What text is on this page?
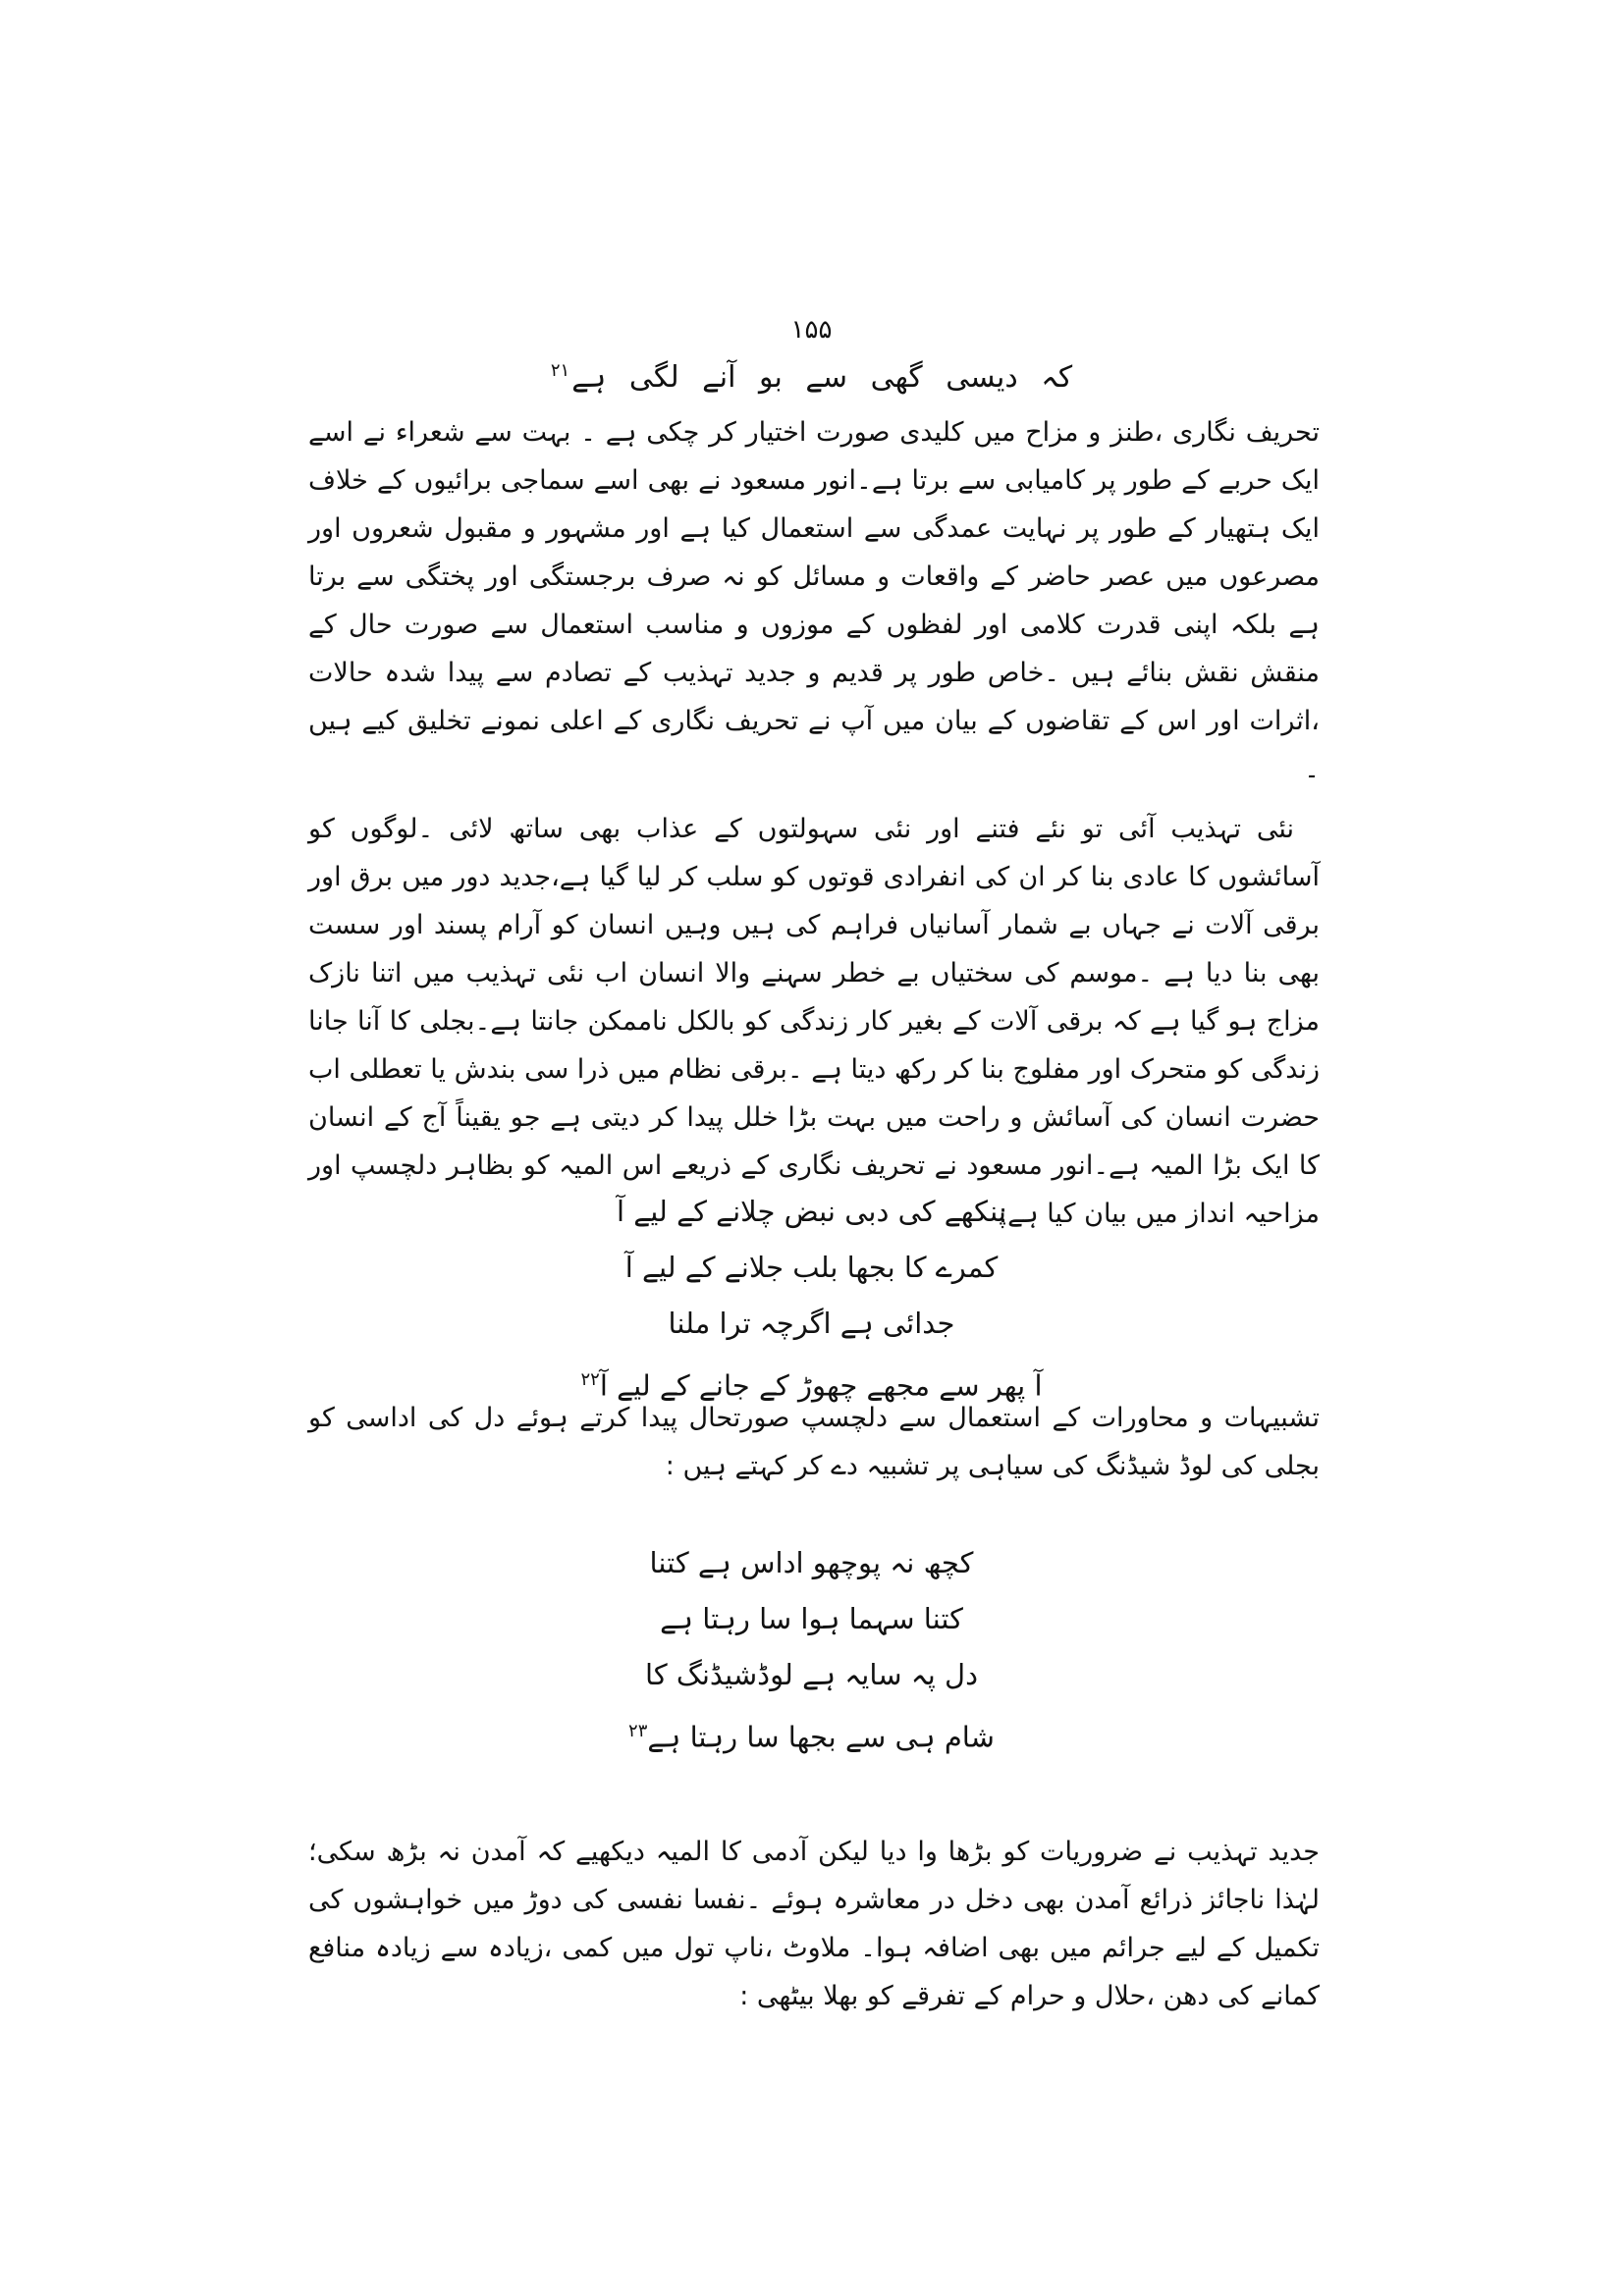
۱۵۵
کہ دیسی گھی سے بو آنے لگی ہے$^{۲۱}$

تحریف نگاری ،طنز و مزاح میں کلیدی صورت اختیار کر چکی ہے ۔ بہت سے شعراء نے اسے ایک حربے کے طور پر کامیابی سے برتا ہے۔انور مسعود نے بھی اسے سماجی برائیوں کے خلاف ایک ہتھیار کے طور پر نہایت عمدگی سے استعمال کیا ہے اور مشہور و مقبول شعروں اور مصرعوں میں عصر حاضر کے واقعات و مسائل کو نہ صرف برجستگی اور پختگی سے برتا ہے بلکہ اپنی قدرت کلامی اور لفظوں کے موزوں و مناسب استعمال سے صورت حال کے منقش نقش بنائے ہیں ۔خاص طور پر قدیم و جدید تہذیب کے تصادم سے پیدا شدہ حالات ،اثرات اور اس کے تقاضوں کے بیان میں آپ نے تحریف نگاری کے اعلی نمونے تخلیق کیے ہیں ۔

نئی تہذیب آئی تو نئے فتنے اور نئی سہولتوں کے عذاب بھی ساتھ لائی ۔لوگوں کو آسائشوں کا عادی بنا کر ان کی انفرادی قوتوں کو سلب کر لیا گیا ہے،جدید دور میں برق اور برقی آلات نے جہاں بے شمار آسانیاں فراہم کی ہیں وہیں انسان کو آرام پسند اور سست بھی بنا دیا ہے ۔موسم کی سختیاں بے خطر سہنے والا انسان اب نئی تہذیب میں اتنا نازک مزاج ہو گیا ہے کہ برقی آلات کے بغیر کار زندگی کو بالکل ناممکن جانتا ہے۔بجلی کا آنا جانا زندگی کو متحرک اور مفلوج بنا کر رکھ دیتا ہے ۔برقی نظام میں ذرا سی بندش یا تعطلی اب حضرت انسان کی آسائش و راحت میں بہت بڑا خلل پیدا کر دیتی ہے جو یقیناً آج کے انسان کا ایک بڑا المیہ ہے۔انور مسعود نے تحریف نگاری کے ذریعے اس المیہ کو بظاہر دلچسپ اور مزاحیہ انداز میں بیان کیا ہے:

پنکھے کی دبی نبض چلانے کے لیے آ
کمرے کا بجھا بلب جلانے کے لیے آ
جدائی ہے اگرچہ ترا ملنا
آ پھر سے مجھے چھوڑ کے جانے کے لیے آ$^{۲۲}$

تشبیہات و محاورات کے استعمال سے دلچسپ صورتحال پیدا کرتے ہوئے دل کی اداسی کو بجلی کی لوڈ شیڈنگ کی سیاہی پر تشبیہ دے کر کہتے ہیں :

کچھ نہ پوچھو اداس ہے کتنا
کتنا سہما ہوا سا رہتا ہے
دل پہ سایہ ہے لوڈشیڈنگ کا
شام ہی سے بجھا سا رہتا ہے$^{۲۳}$

جدید تہذیب نے ضروریات کو بڑھا وا دیا لیکن آدمی کا المیہ دیکھیے کہ آمدن نہ بڑھ سکی؛لہٰذا ناجائز ذرائع آمدن بھی دخل در معاشرہ ہوئے ۔نفسا نفسی کی دوڑ میں خواہشوں کی تکمیل کے لیے جرائم میں بھی اضافہ ہوا۔ ملاوٹ ،ناپ تول میں کمی ،زیادہ سے زیادہ منافع کمانے کی دھن ،حلال و حرام کے تفرقے کو بھلا بیٹھی :
